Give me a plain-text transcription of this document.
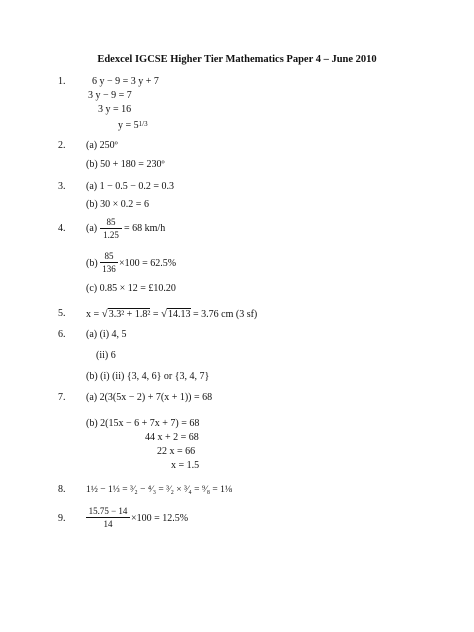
Edexcel IGCSE Higher Tier Mathematics Paper 4 – June 2010
1.	6 y − 9 = 3 y + 7
3 y − 9 = 7
3 y = 16
$y = 5^{1/3}$
2. (a) 250º
(b) 50 + 180 = 230º
3. (a) 1 − 0.5 − 0.2 = 0.3
(b) 30 × 0.2 = 6
4. (a)
85
1.25
= 68 km/h
(b)
85
136 ×100 = 62.5%
(c) 0.85 × 12 = £10.20
5. x = √3.3² + 1.8² = √14.13 = 3.76 cm (3 sf)
6. (a) (i) 4, 5
(ii) 6
(b) (i) (ii) {3, 4, 6} or {3, 4, 7}
7. (a) 2(3(5x − 2) + 7(x + 1)) = 68
(b) 2(15x − 6 + 7x + 7) = 68
44 x + 2 = 68
22 x = 66
x = 1.5
8. 1½ − 1⅓ = ³⁄₂ − ⁴⁄₃ = ³⁄₂ × ³⁄₄ = ⁹⁄₈ = 1⅛
9.
15.75 − 14
14	×100 = 12.5%
